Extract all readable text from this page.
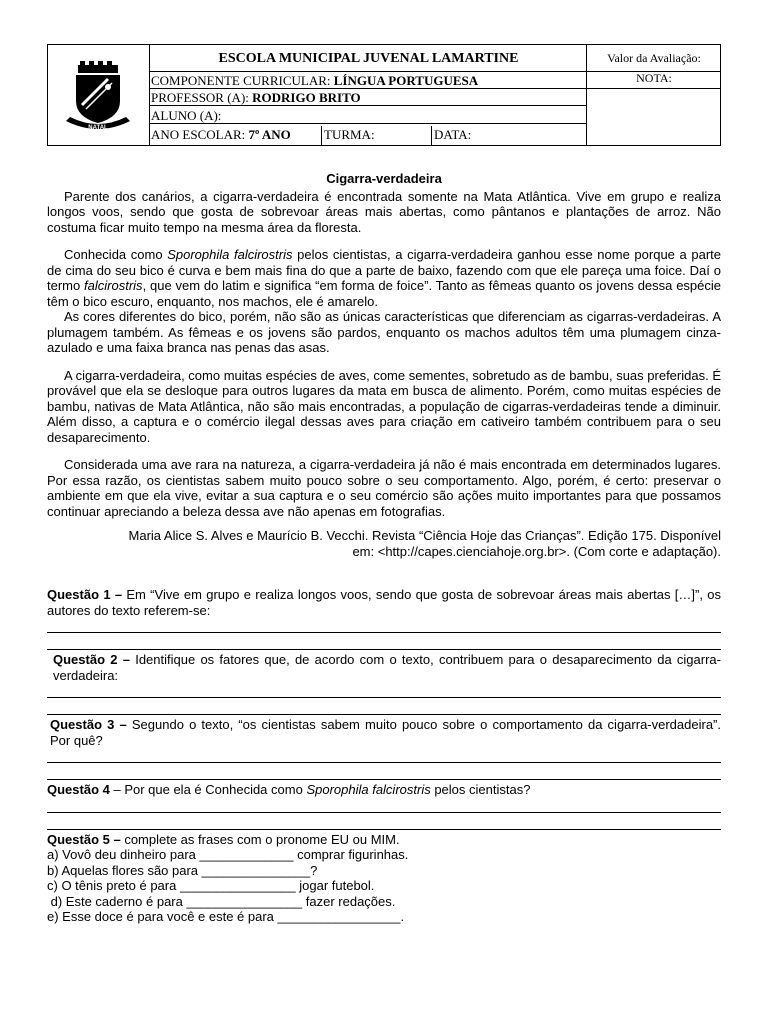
NATAL
ESCOLA MUNICIPAL JUVENAL LAMARTINE
COMPONENTE CURRICULAR: LÍNGUA PORTUGUESA
PROFESSOR (A): RODRIGO BRITO
ALUNO (A):
ANO ESCOLAR: 7º ANO	TURMA:	DATA:
Valor da Avaliação:
NOTA:
Cigarra-verdadeira

Parente dos canários, a cigarra-verdadeira é encontrada somente na Mata Atlântica. Vive em grupo e realiza longos voos, sendo que gosta de sobrevoar áreas mais abertas, como pântanos e plantações de arroz. Não costuma ficar muito tempo na mesma área da floresta.

Conhecida como Sporophila falcirostris pelos cientistas, a cigarra-verdadeira ganhou esse nome porque a parte de cima do seu bico é curva e bem mais fina do que a parte de baixo, fazendo com que ele pareça uma foice. Daí o termo falcirostris, que vem do latim e significa “em forma de foice”. Tanto as fêmeas quanto os jovens dessa espécie têm o bico escuro, enquanto, nos machos, ele é amarelo.

As cores diferentes do bico, porém, não são as únicas características que diferenciam as cigarras-verdadeiras. A plumagem também. As fêmeas e os jovens são pardos, enquanto os machos adultos têm uma plumagem cinza-azulado e uma faixa branca nas penas das asas.

A cigarra-verdadeira, como muitas espécies de aves, come sementes, sobretudo as de bambu, suas preferidas. É provável que ela se desloque para outros lugares da mata em busca de alimento. Porém, como muitas espécies de bambu, nativas de Mata Atlântica, não são mais encontradas, a população de cigarras-verdadeiras tende a diminuir. Além disso, a captura e o comércio ilegal dessas aves para criação em cativeiro também contribuem para o seu desaparecimento.

Considerada uma ave rara na natureza, a cigarra-verdadeira já não é mais encontrada em determinados lugares. Por essa razão, os cientistas sabem muito pouco sobre o seu comportamento. Algo, porém, é certo: preservar o ambiente em que ela vive, evitar a sua captura e o seu comércio são ações muito importantes para que possamos continuar apreciando a beleza dessa ave não apenas em fotografias.

Maria Alice S. Alves e Maurício B. Vecchi. Revista “Ciência Hoje das Crianças”. Edição 175. Disponível

em: <http://capes.cienciahoje.org.br>. (Com corte e adaptação).

Questão 1 – Em “Vive em grupo e realiza longos voos, sendo que gosta de sobrevoar áreas mais abertas […]”, os autores do texto referem-se:

Questão 2 – Identifique os fatores que, de acordo com o texto, contribuem para o desaparecimento da cigarra-verdadeira:

Questão 3 – Segundo o texto, “os cientistas sabem muito pouco sobre o comportamento da cigarra-verdadeira”. Por quê?

Questão 4 – Por que ela é Conhecida como Sporophila falcirostris pelos cientistas?

Questão 5 – complete as frases com o pronome EU ou MIM.

a) Vovô deu dinheiro para _____________ comprar figurinhas.

b) Aquelas flores são para _______________?

c) O tênis preto é para ________________ jogar futebol.

d) Este caderno é para ________________ fazer redações.

e) Esse doce é para você e este é para _________________.
